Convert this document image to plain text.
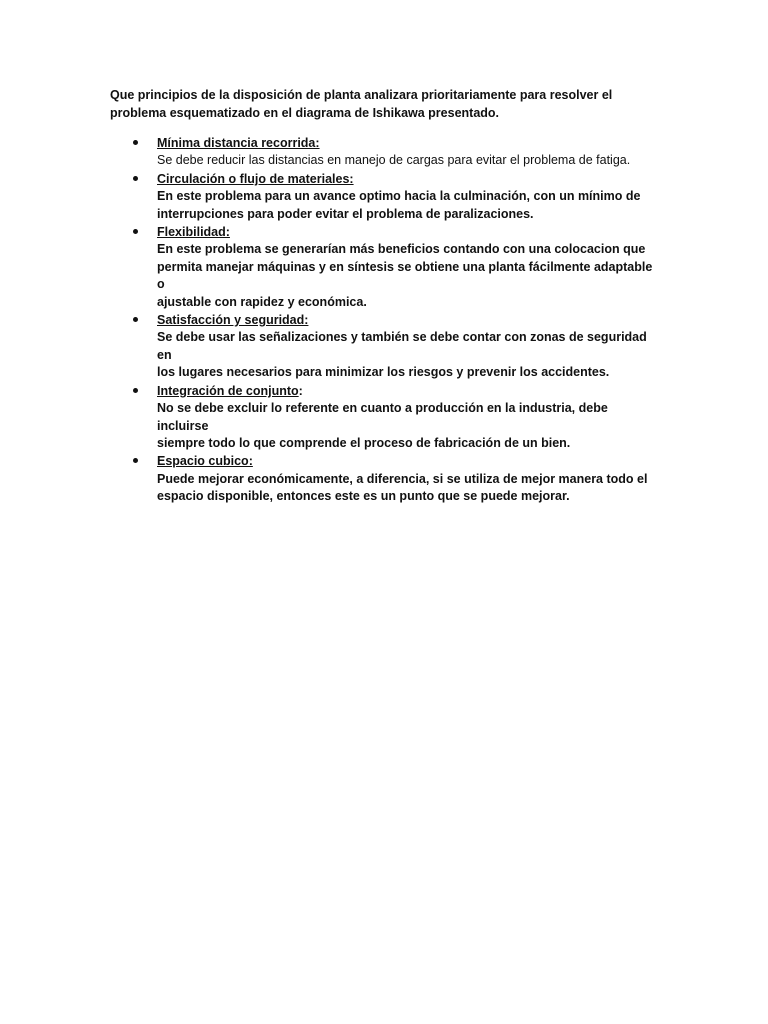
Que principios de la disposición de planta analizara prioritariamente para resolver el
problema esquematizado en el diagrama de Ishikawa presentado.

Mínima distancia recorrida:

Se debe reducir las distancias en manejo de cargas para evitar el problema de fatiga.

Circulación o flujo de materiales:

En este problema para un avance optimo hacia la culminación, con un mínimo de
interrupciones para poder evitar el problema de paralizaciones.

Flexibilidad:

En este problema se generarían más beneficios contando con una colocacion que
permita manejar máquinas y en síntesis se obtiene una planta fácilmente adaptable o
ajustable con rapidez y económica.

Satisfacción y seguridad:

Se debe usar las señalizaciones y también se debe contar con zonas de seguridad en
los lugares necesarios para minimizar los riesgos y prevenir los accidentes.

Integración de conjunto:

No se debe excluir lo referente en cuanto a producción en la industria, debe incluirse
siempre todo lo que comprende el proceso de fabricación de un bien.

Espacio cubico:

Puede mejorar económicamente, a diferencia, si se utiliza de mejor manera todo el
espacio disponible, entonces este es un punto que se puede mejorar.
